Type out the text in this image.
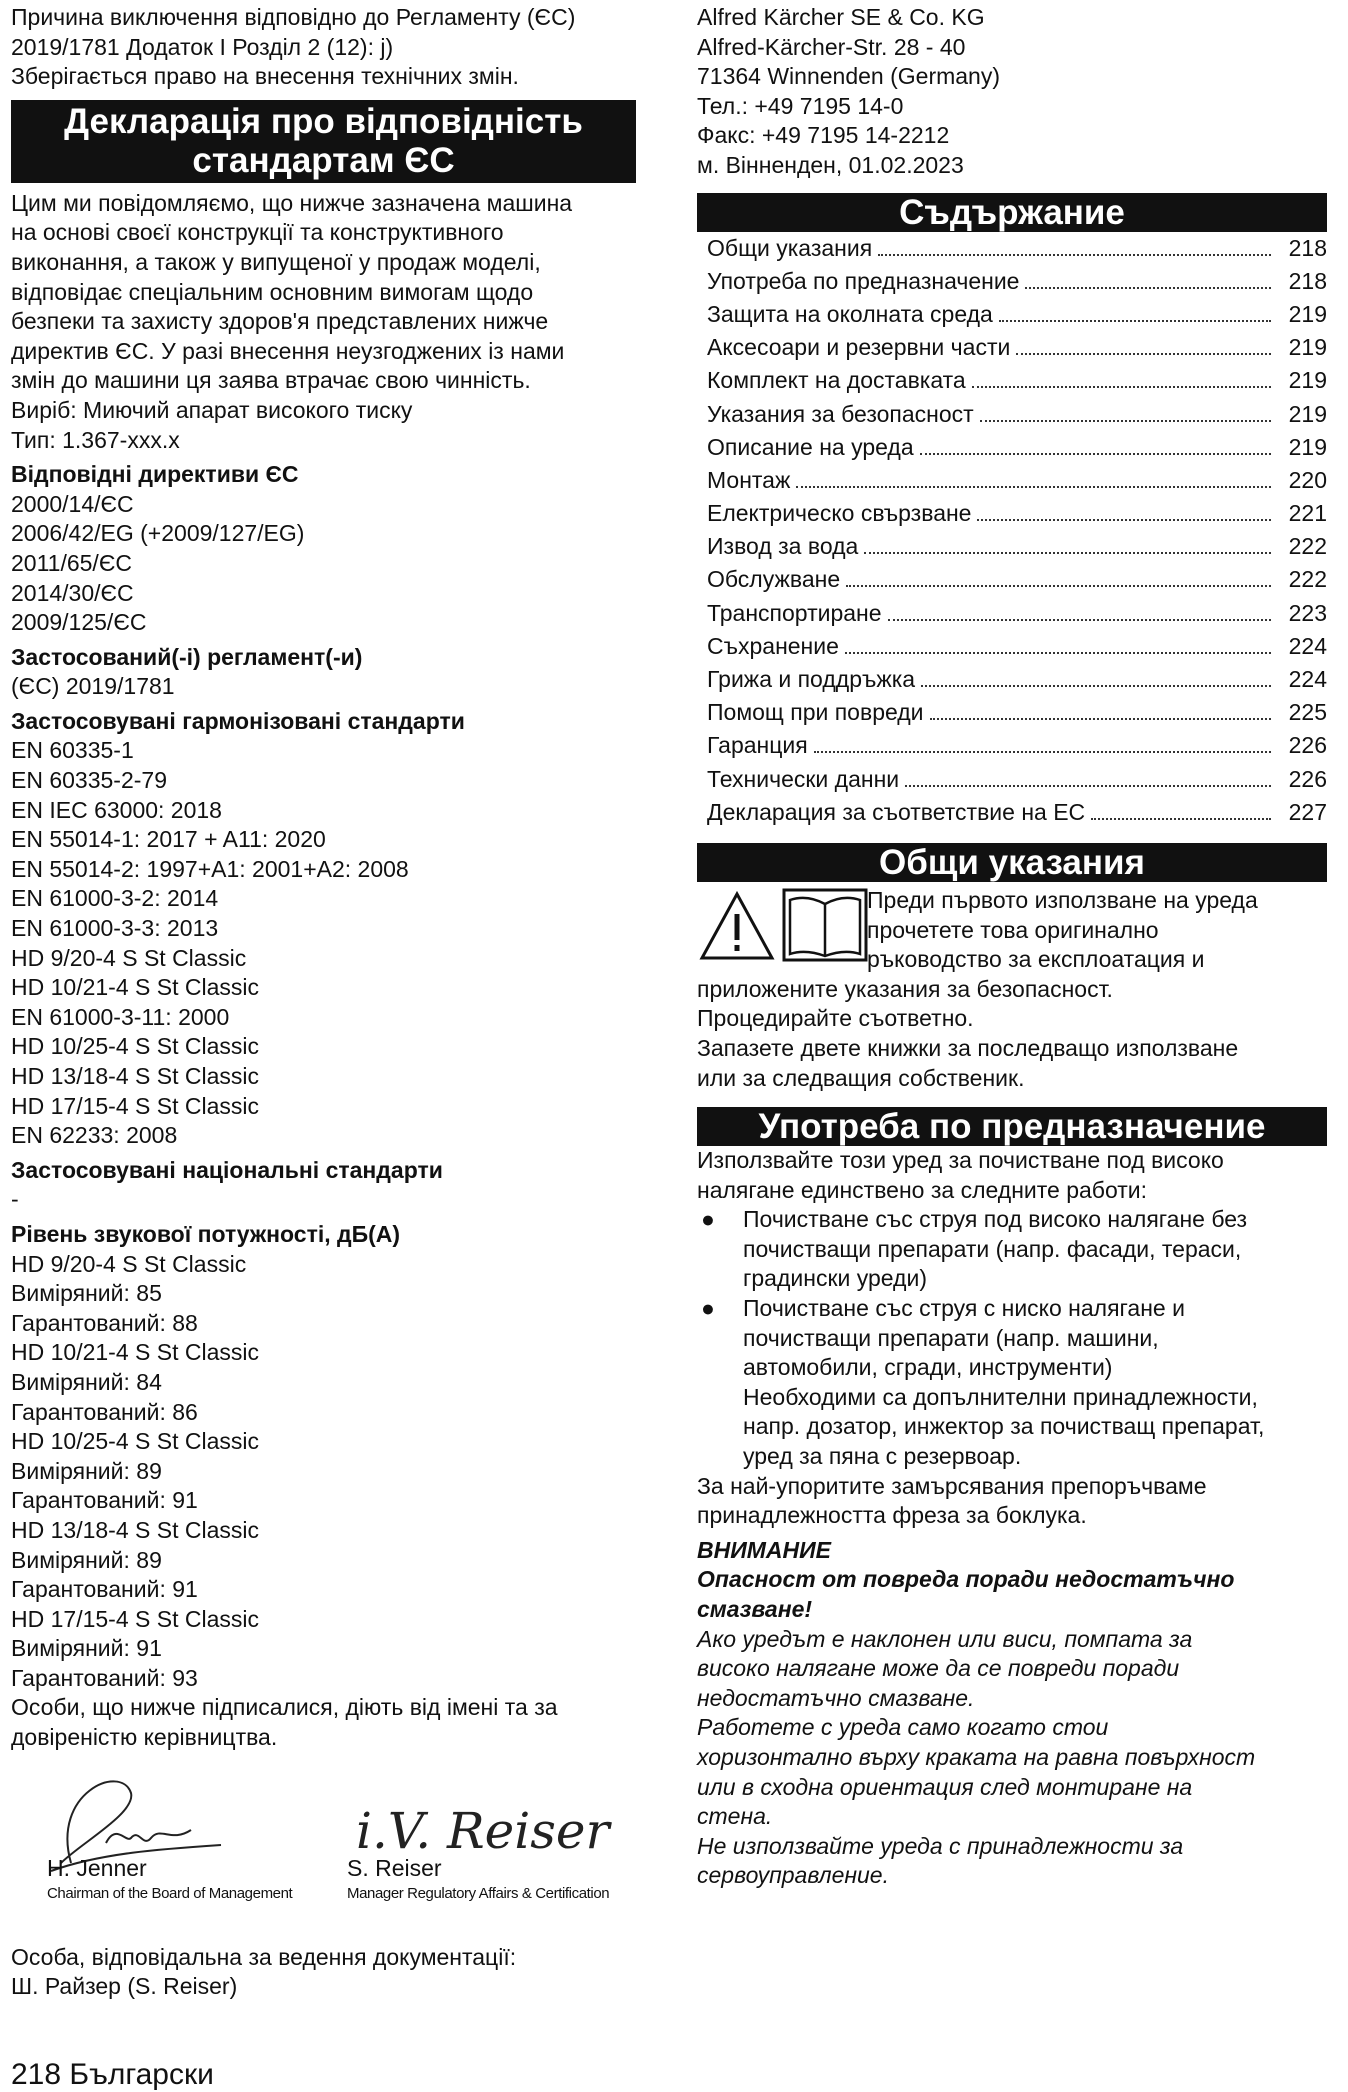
Причина виключення відповідно до Регламенту (ЄС)
2019/1781 Додаток I Розділ 2 (12): j)
Зберігається право на внесення технічних змін.

Декларація про відповідність
стандартам ЄС

Цим ми повідомляємо, що нижче зазначена машина
на основі своєї конструкції та конструктивного
виконання, а також у випущеної у продаж моделі,
відповідає спеціальним основним вимогам щодо
безпеки та захисту здоров'я представлених нижче
директив ЄС. У разі внесення неузгоджених із нами
змін до машини ця заява втрачає свою чинність.
Виріб: Миючий апарат високого тиску
Тип: 1.367-xxx.x

Відповідні директиви ЄС

2000/14/ЄС
2006/42/EG (+2009/127/EG)
2011/65/ЄС
2014/30/ЄС
2009/125/ЄС

Застосований(-і) регламент(-и)

(ЄС) 2019/1781

Застосовувані гармонізовані стандарти

EN 60335-1
EN 60335-2-79
EN IEC 63000: 2018
EN 55014-1: 2017 + A11: 2020
EN 55014-2: 1997+A1: 2001+A2: 2008
EN 61000-3-2: 2014
EN 61000-3-3: 2013
HD 9/20-4 S St Classic
HD 10/21-4 S St Classic
EN 61000-3-11: 2000
HD 10/25-4 S St Classic
HD 13/18-4 S St Classic
HD 17/15-4 S St Classic
EN 62233: 2008

Застосовувані національні стандарти

-

Рівень звукової потужності, дБ(A)

HD 9/20-4 S St Classic
Виміряний: 85
Гарантований: 88
HD 10/21-4 S St Classic
Виміряний: 84
Гарантований: 86
HD 10/25-4 S St Classic
Виміряний: 89
Гарантований: 91
HD 13/18-4 S St Classic
Виміряний: 89
Гарантований: 91
HD 17/15-4 S St Classic
Виміряний: 91
Гарантований: 93

Особи, що нижче підписалися, діють від імені та за
довіреністю керівництва.

Jenner	i.V. Reiser
H. Jenner
Chairman of the Board of Management
S. Reiser
Manager Regulatory Affairs & Certification

Особа, відповідальна за ведення документації:
Ш. Райзер (S. Reiser)

Alfred Kärcher SE & Co. KG
Alfred-Kärcher-Str. 28 - 40
71364 Winnenden (Germany)
Тел.: +49 7195 14-0
Факс: +49 7195 14-2212
м. Вінненден, 01.02.2023

Съдържание
Общи указания	218
Употреба по предназначение	218
Защита на околната среда	219
Аксесоари и резервни части	219
Комплект на доставката	219
Указания за безопасност	219
Описание на уреда	219
Монтаж	220
Електрическо свързване	221
Извод за вода	222
Обслужване	222
Транспортиране	223
Съхранение	224
Грижа и поддръжка	224
Помощ при повреди	225
Гаранция	226
Технически данни	226
Декларация за съответствие на ЕС	227
Общи указания

Преди първото използване на уреда
прочетете това оригинално
ръководство за експлоатация и

приложените указания за безопасност.
Процедирайте съответно.
Запазете двете книжки за последващо използване
или за следващия собственик.

Употреба по предназначение

Използвайте този уред за почистване под високо
налягане единствено за следните работи:

●	Почистване със струя под високо налягане без
почистващи препарати (напр. фасади, тераси,
градински уреди)
●	Почистване със струя с ниско налягане и
почистващи препарати (напр. машини,
автомобили, сгради, инструменти)
Необходими са допълнителни принадлежности,
напр. дозатор, инжектор за почистващ препарат,
уред за пяна с резервоар.

За най-упоритите замърсявания препоръчваме
принадлежността фреза за боклука.

ВНИМАНИЕ

Опасност от повреда поради недостатъчно
смазване!

Ако уредът е наклонен или виси, помпата за
високо налягане може да се повреди поради
недостатъчно смазване.
Работете с уреда само когато стои
хоризонтално върху краката на равна повърхност
или в сходна ориентация след монтиране на
стена.
Не използвайте уреда с принадлежности за
сервоуправление.

218 Български
